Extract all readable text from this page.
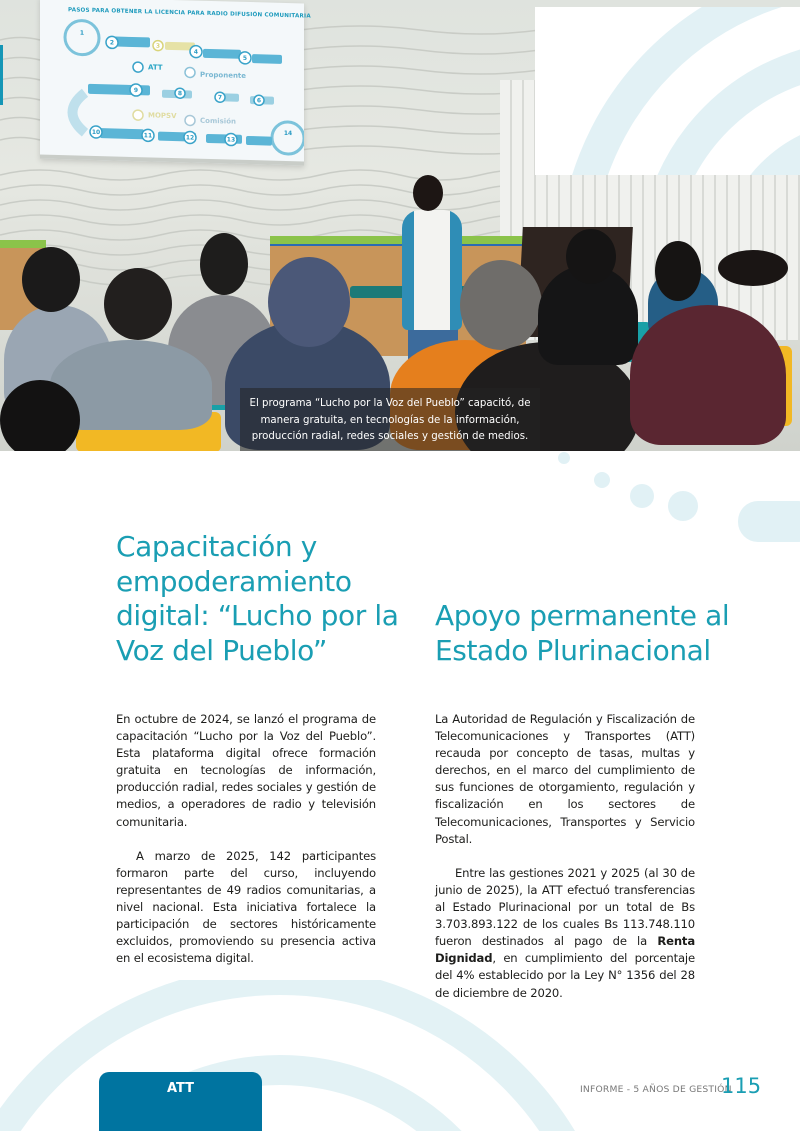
PASOS PARA OBTENER LA LICENCIA PARA RADIO DIFUSIÓN COMUNITARIA
1
2	3
4
5
9	8
7	6
10	11	12	13
14
ATT
Proponente
MOPSV
Comisión
El programa “Lucho por la Voz del Pueblo” capacitó, de manera gratuita, en tecnologías de la información, producción radial, redes sociales y gestión de medios.
Capacitación y empoderamiento digital: “Lucho por la Voz del Pueblo”
Apoyo permanente al Estado Plurinacional

En octubre de 2024, se lanzó el programa de capacitación “Lucho por la Voz del Pueblo”. Esta plataforma digital ofrece formación gratuita en tecnologías de información, producción radial, redes sociales y gestión de medios, a operadores de radio y televisión comunitaria.

A marzo de 2025, 142 participantes formaron parte del curso, incluyendo representantes de 49 radios comunitarias, a nivel nacional. Esta iniciativa fortalece la participación de sectores históricamente excluidos, promoviendo su presencia activa en el ecosistema digital.

La Autoridad de Regulación y Fiscalización de Telecomunicaciones y Transportes (ATT) recauda por concepto de tasas, multas y derechos, en el marco del cumplimiento de sus funciones de otorgamiento, regulación y fiscalización en los sectores de Telecomunicaciones, Transportes y Servicio Postal.

Entre las gestiones 2021 y 2025 (al 30 de junio de 2025), la ATT efectuó transferencias al Estado Plurinacional por un total de Bs 3.703.893.122 de los cuales Bs 113.748.110 fueron destinados al pago de la Renta Dignidad, en cumplimiento del porcentaje del 4% establecido por la Ley N° 1356 del 28 de diciembre de 2020.

ATT	INFORME - 5 AÑOS DE GESTIÓN
115
